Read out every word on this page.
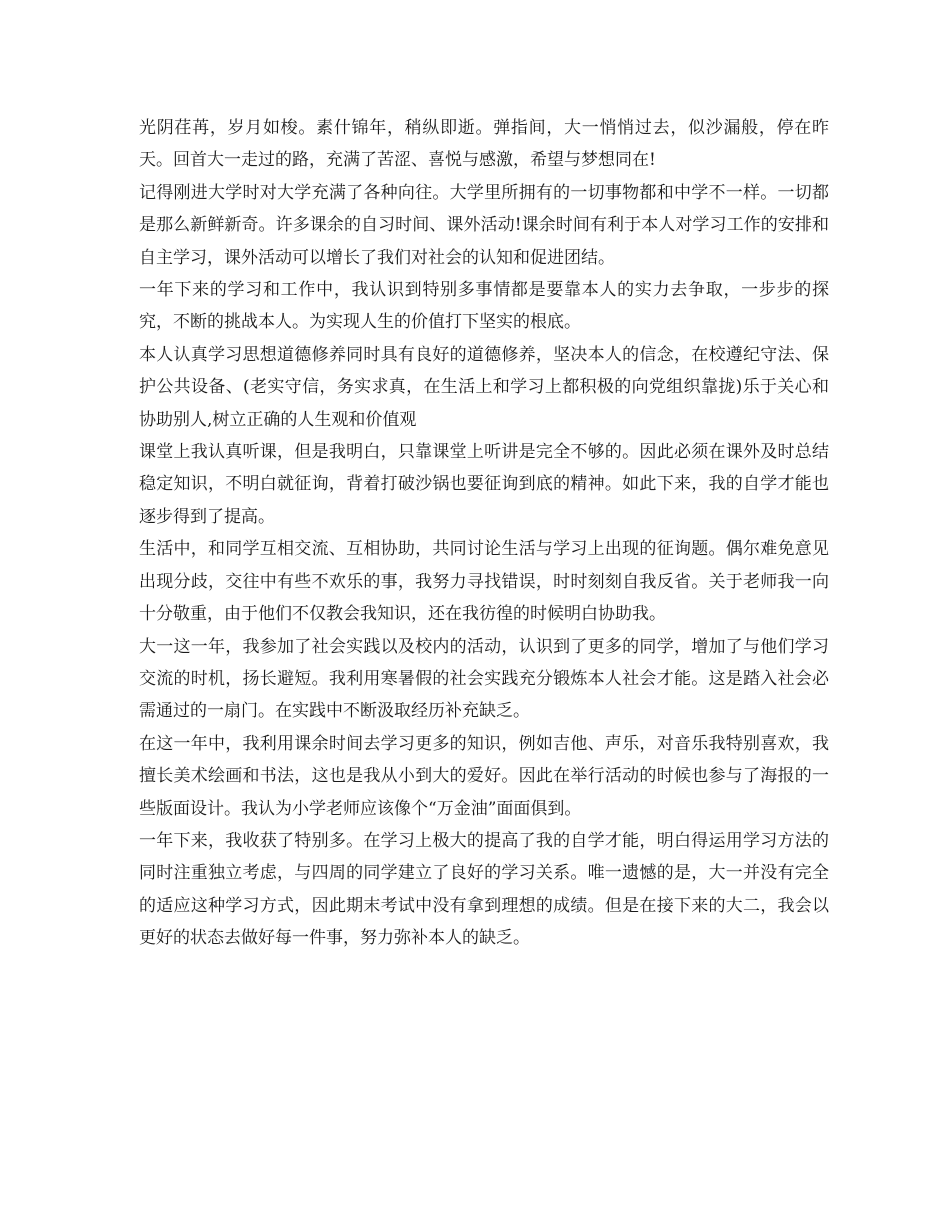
光阴荏苒，岁月如梭。素什锦年，稍纵即逝。弹指间，大一悄悄过去，似沙漏般，停在昨天。回首大一走过的路，充满了苦涩、喜悦与感激，希望与梦想同在!

记得刚进大学时对大学充满了各种向往。大学里所拥有的一切事物都和中学不一样。一切都是那么新鲜新奇。许多课余的自习时间、课外活动!课余时间有利于本人对学习工作的安排和自主学习，课外活动可以增长了我们对社会的认知和促进团结。

一年下来的学习和工作中，我认识到特别多事情都是要靠本人的实力去争取，一步步的探究，不断的挑战本人。为实现人生的价值打下坚实的根底。

本人认真学习思想道德修养同时具有良好的道德修养，坚决本人的信念，在校遵纪守法、保护公共设备、(老实守信，务实求真，在生活上和学习上都积极的向党组织靠拢)乐于关心和协助别人,树立正确的人生观和价值观

课堂上我认真听课，但是我明白，只靠课堂上听讲是完全不够的。因此必须在课外及时总结稳定知识，不明白就征询，背着打破沙锅也要征询到底的精神。如此下来，我的自学才能也逐步得到了提高。

生活中，和同学互相交流、互相协助，共同讨论生活与学习上出现的征询题。偶尔难免意见出现分歧，交往中有些不欢乐的事，我努力寻找错误，时时刻刻自我反省。关于老师我一向十分敬重，由于他们不仅教会我知识，还在我彷徨的时候明白协助我。

大一这一年，我参加了社会实践以及校内的活动，认识到了更多的同学，增加了与他们学习交流的时机，扬长避短。我利用寒暑假的社会实践充分锻炼本人社会才能。这是踏入社会必需通过的一扇门。在实践中不断汲取经历补充缺乏。

在这一年中，我利用课余时间去学习更多的知识，例如吉他、声乐，对音乐我特别喜欢，我擅长美术绘画和书法，这也是我从小到大的爱好。因此在举行活动的时候也参与了海报的一些版面设计。我认为小学老师应该像个“万金油”面面俱到。

一年下来，我收获了特别多。在学习上极大的提高了我的自学才能，明白得运用学习方法的同时注重独立考虑，与四周的同学建立了良好的学习关系。唯一遗憾的是，大一并没有完全的适应这种学习方式，因此期末考试中没有拿到理想的成绩。但是在接下来的大二，我会以更好的状态去做好每一件事，努力弥补本人的缺乏。
